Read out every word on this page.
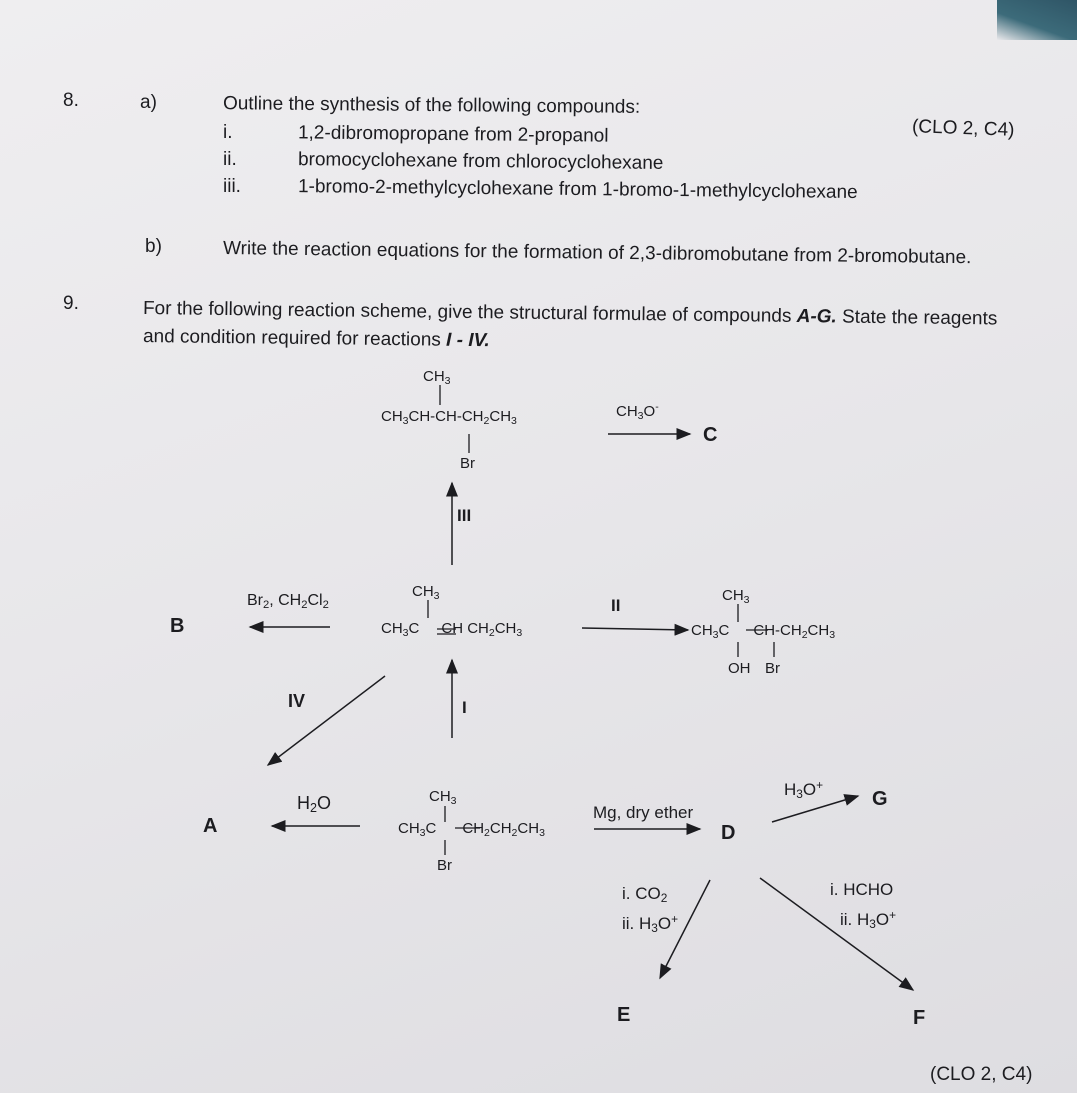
8.	a)	Outline the synthesis of the following compounds:
(CLO 2, C4)
i.	1,2-dibromopropane from 2-propanol
ii.	bromocyclohexane from chlorocyclohexane
iii.	1-bromo-2-methylcyclohexane from 1-bromo-1-methylcyclohexane
b)	Write the reaction equations for the formation of 2,3-dibromobutane from 2-bromobutane.
9.	For the following reaction scheme, give the structural formulae of compounds A-G. State the reagents
and condition required for reactions I - IV.
$CH_3$
$CH_3CH-CH-CH_2CH_3$
Br
$CH_3O^-$
C
III
B
$Br_2$, $CH_2Cl_2$
$CH_3$
$CH_3C$ CH $CH_2CH_3$
II
$CH_3$
$CH_3C$ $CH-CH_2CH_3$
OH Br
IV	I
A
$H_2O$	$CH_3$
$CH_3C$ $CH_2CH_2CH_3$
Br
Mg, dry ether
D
$H_3O^+$
G
i. $CO_2$
ii. $H_3O^+$
i. HCHO
ii. $H_3O^+$
E	F
(CLO 2, C4)
